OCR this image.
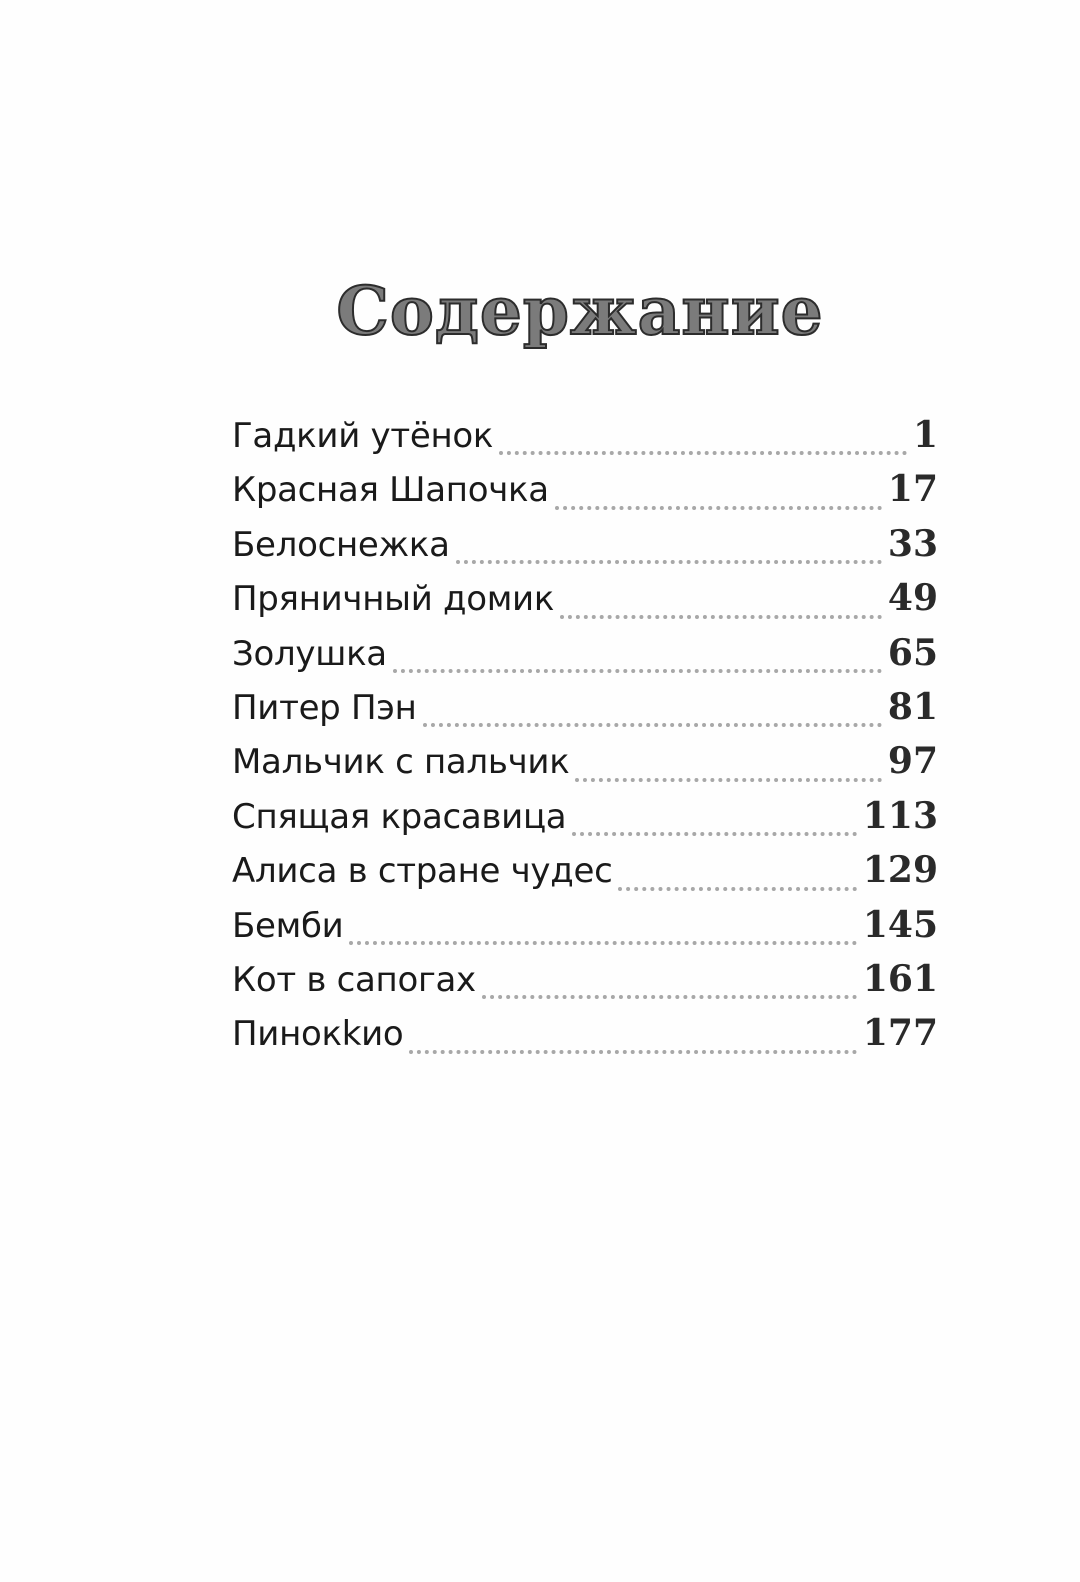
Содержание
Гадкий утёнок	1
Красная Шапочка	17
Белоснежка	33
Пряничный домик	49
Золушка	65
Питер Пэн	81
Мальчик с пальчик	97
Спящая красавица	113
Алиса в стране чудес	129
Бемби	145
Кот в сапогах	161
Пинокkио	177
